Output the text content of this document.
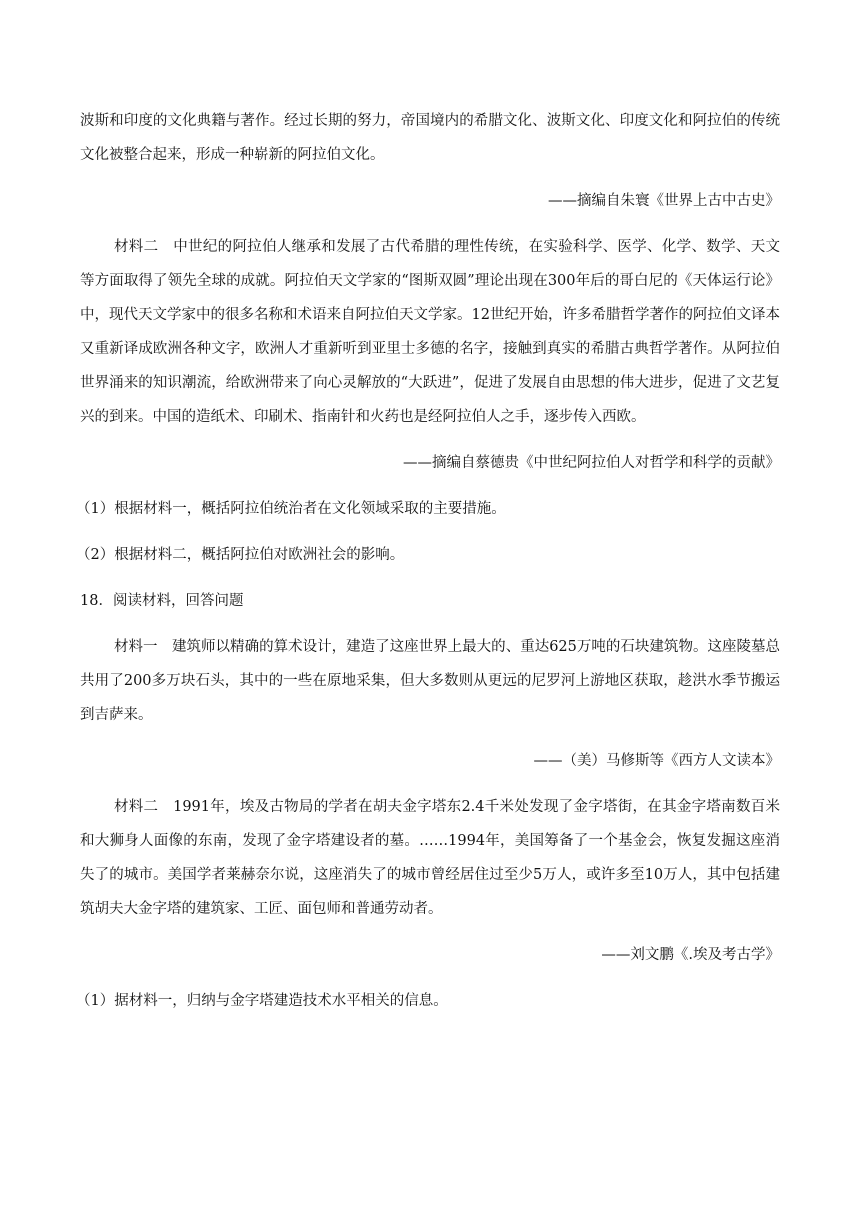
波斯和印度的文化典籍与著作。经过长期的努力，帝国境内的希腊文化、波斯文化、印度文化和阿拉伯的传统文化被整合起来，形成一种崭新的阿拉伯文化。

——摘编自朱寰《世界上古中古史》

材料二　中世纪的阿拉伯人继承和发展了古代希腊的理性传统，在实验科学、医学、化学、数学、天文等方面取得了领先全球的成就。阿拉伯天文学家的“图斯双圆”理论出现在300年后的哥白尼的《天体运行论》中，现代天文学家中的很多名称和术语来自阿拉伯天文学家。12世纪开始，许多希腊哲学著作的阿拉伯文译本又重新译成欧洲各种文字，欧洲人才重新听到亚里士多德的名字，接触到真实的希腊古典哲学著作。从阿拉伯世界涌来的知识潮流，给欧洲带来了向心灵解放的“大跃进”，促进了发展自由思想的伟大进步，促进了文艺复兴的到来。中国的造纸术、印刷术、指南针和火药也是经阿拉伯人之手，逐步传入西欧。

——摘编自蔡德贵《中世纪阿拉伯人对哲学和科学的贡献》

（1）根据材料一，概括阿拉伯统治者在文化领域采取的主要措施。

（2）根据材料二，概括阿拉伯对欧洲社会的影响。

18．阅读材料，回答问题

材料一　建筑师以精确的算术设计，建造了这座世界上最大的、重达625万吨的石块建筑物。这座陵墓总共用了200多万块石头，其中的一些在原地采集，但大多数则从更远的尼罗河上游地区获取，趁洪水季节搬运到吉萨来。

——（美）马修斯等《西方人文读本》

材料二　1991年，埃及古物局的学者在胡夫金字塔东2.4千米处发现了金字塔街，在其金字塔南数百米和大狮身人面像的东南，发现了金字塔建设者的墓。……1994年，美国筹备了一个基金会，恢复发掘这座消失了的城市。美国学者莱赫奈尔说，这座消失了的城市曾经居住过至少5万人，或许多至10万人，其中包括建筑胡夫大金字塔的建筑家、工匠、面包师和普通劳动者。

——刘文鹏《.埃及考古学》

（1）据材料一，归纳与金字塔建造技术水平相关的信息。
